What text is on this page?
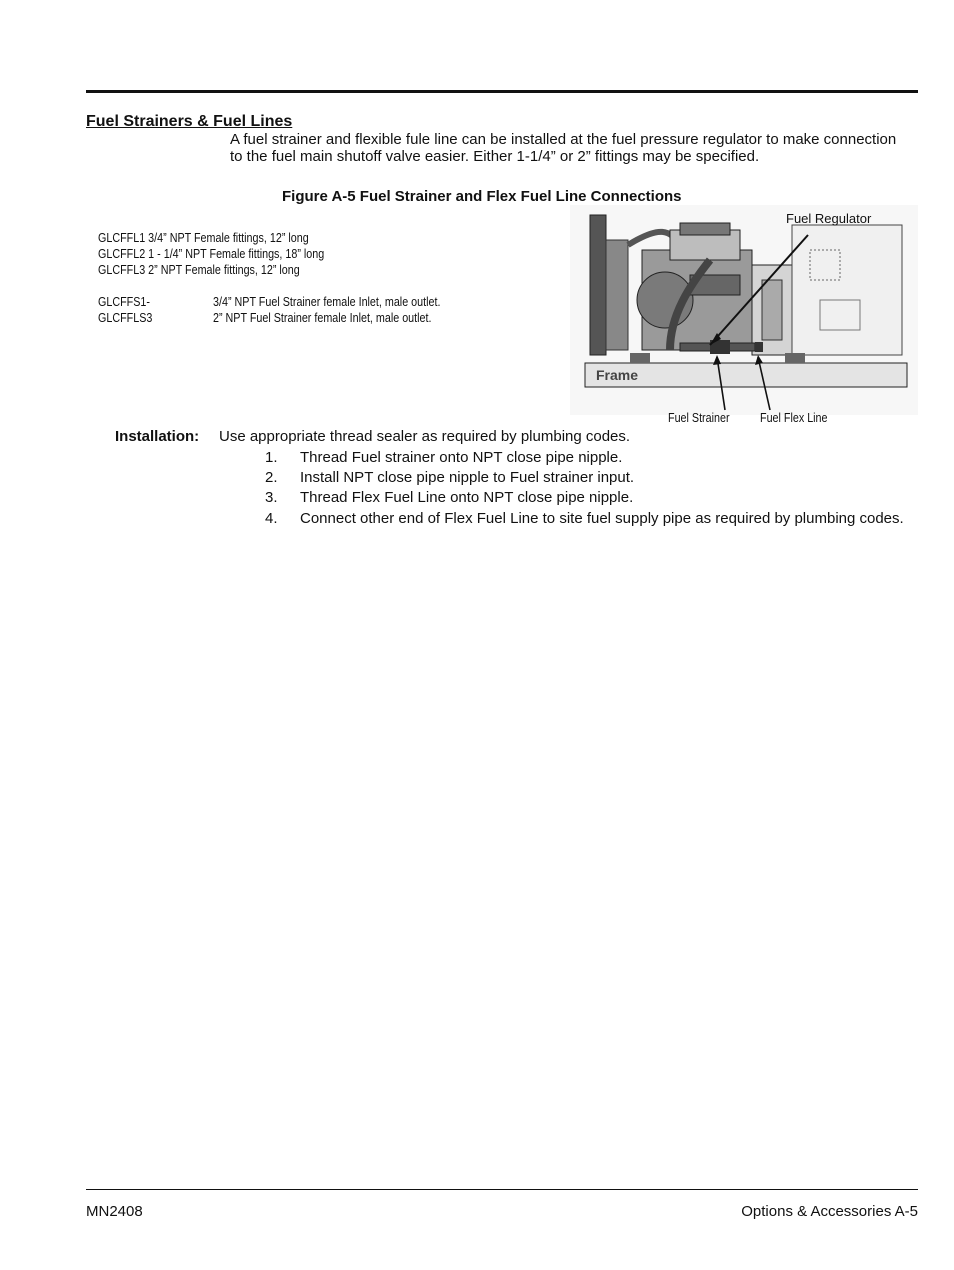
Fuel Strainers & Fuel Lines
A fuel strainer and flexible fule line can be installed at the fuel pressure regulator to make connection to the fuel main shutoff valve easier. Either 1-1/4” or 2” fittings may be specified.
Figure A-5 Fuel Strainer and Flex Fuel Line Connections
GLCFFL1 3/4” NPT Female fittings, 12” long
GLCFFL2 1 - 1/4” NPT Female fittings, 18” long
GLCFFL3 2” NPT Female fittings, 12” long
GLCFFS1-	3/4” NPT Fuel Strainer female Inlet, male outlet.
GLCFFLS3	2” NPT Fuel Strainer female Inlet, male outlet.
Fuel Regulator
Frame
Fuel Strainer Fuel Flex Line
Installation: Use appropriate thread sealer as required by plumbing codes.
1. Thread Fuel strainer onto NPT close pipe nipple.
2. Install NPT close pipe nipple to Fuel strainer input.
3. Thread Flex Fuel Line onto NPT close pipe nipple.
4. Connect other end of Flex Fuel Line to site fuel supply pipe as required by plumbing codes.
MN2408	Options & Accessories A-5
